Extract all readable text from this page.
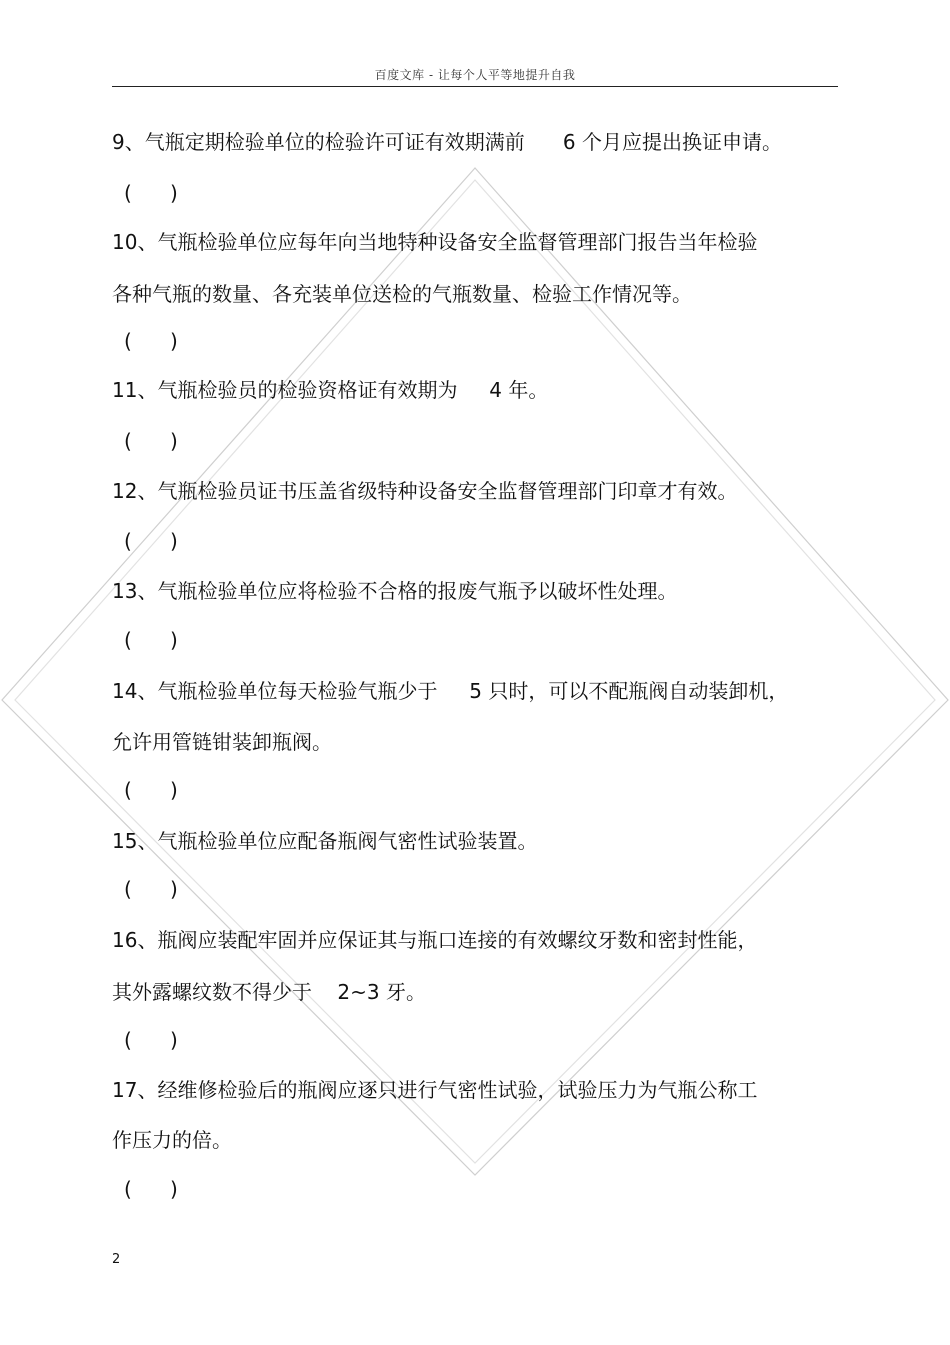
百度文库 - 让每个人平等地提升自我
9、气瓶定期检验单位的检验许可证有效期满前      6 个月应提出换证申请。
(      )
10、气瓶检验单位应每年向当地特种设备安全监督管理部门报告当年检验
各种气瓶的数量、各充装单位送检的气瓶数量、检验工作情况等。
(      )
11、气瓶检验员的检验资格证有效期为     4 年。
(      )
12、气瓶检验员证书压盖省级特种设备安全监督管理部门印章才有效。
(      )
13、气瓶检验单位应将检验不合格的报废气瓶予以破坏性处理。
(      )
14、气瓶检验单位每天检验气瓶少于     5 只时，可以不配瓶阀自动装卸机，
允许用管链钳装卸瓶阀。
(      )
15、气瓶检验单位应配备瓶阀气密性试验装置。
(      )
16、瓶阀应装配牢固并应保证其与瓶口连接的有效螺纹牙数和密封性能，
其外露螺纹数不得少于    2~3 牙。
(      )
17、经维修检验后的瓶阀应逐只进行气密性试验，试验压力为气瓶公称工
作压力的倍。
(      )
2
